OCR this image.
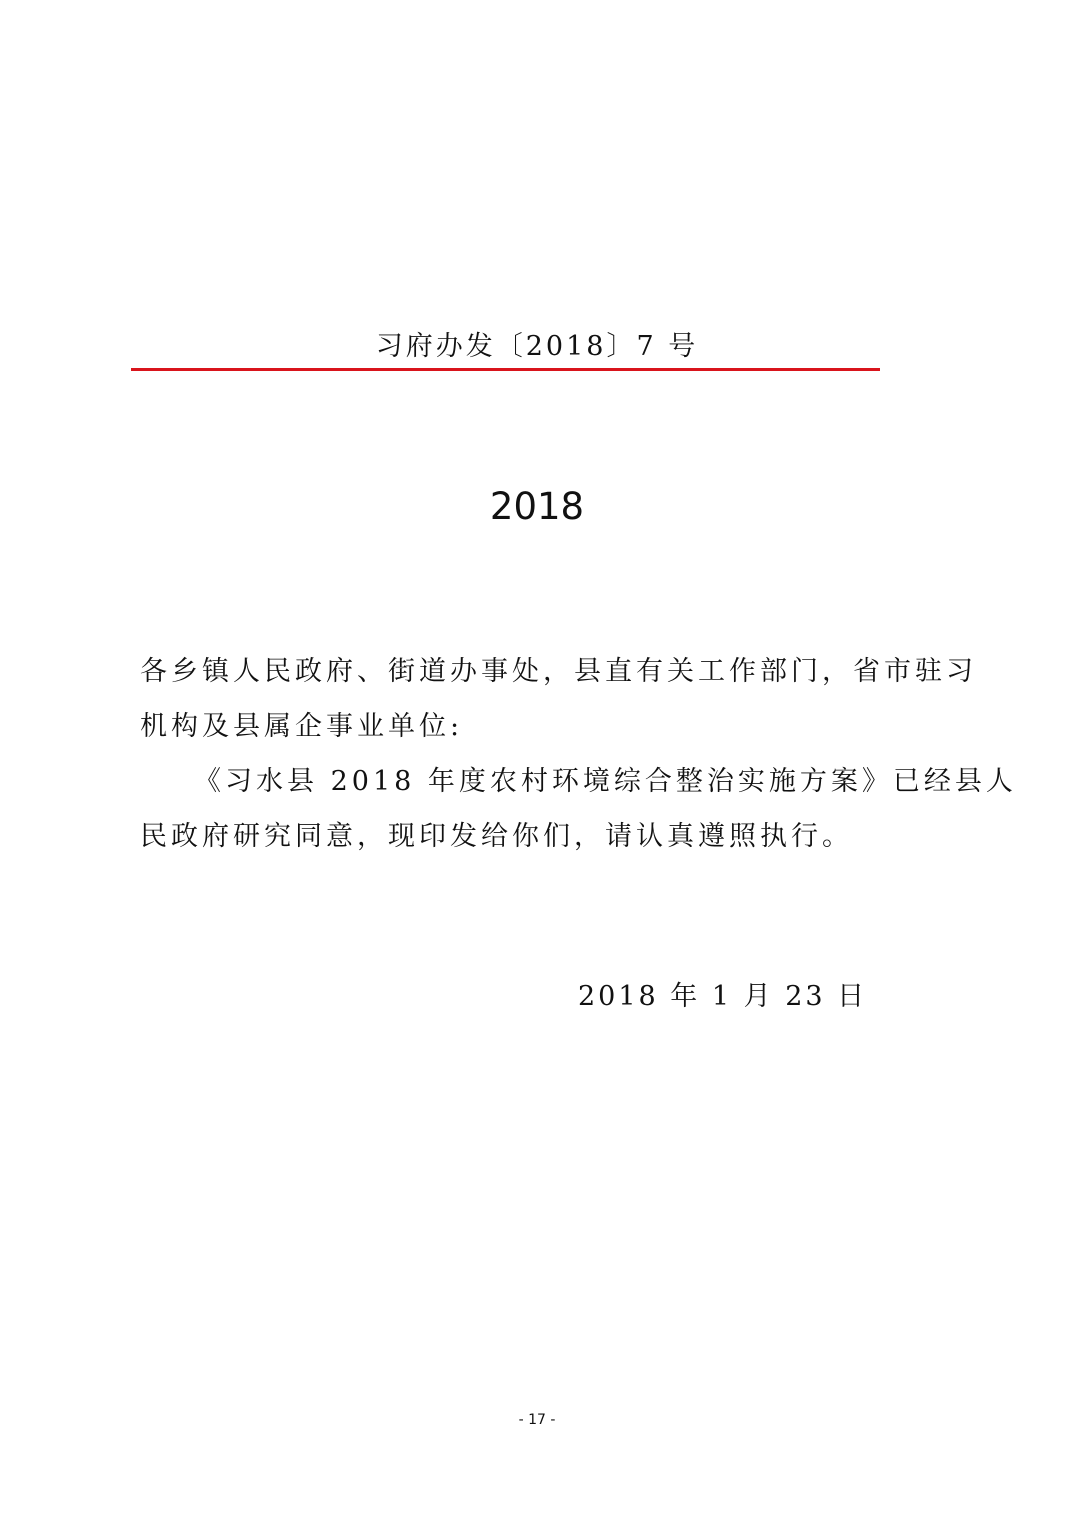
习府办发〔2018〕7 号
2018
各乡镇人民政府、街道办事处，县直有关工作部门，省市驻习
机构及县属企事业单位:
《习水县 2018 年度农村环境综合整治实施方案》已经县人
民政府研究同意，现印发给你们，请认真遵照执行。
2018 年 1 月 23 日
- 17 -
